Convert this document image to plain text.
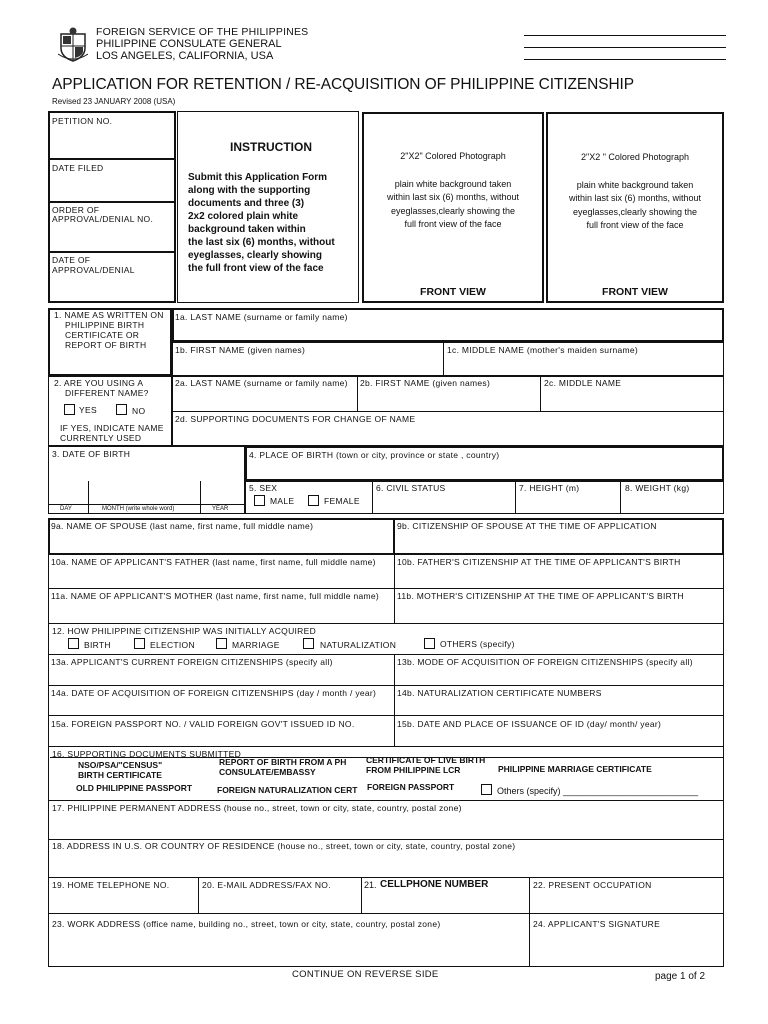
FOREIGN SERVICE OF THE PHILIPPINES
PHILIPPINE CONSULATE GENERAL
LOS ANGELES, CALIFORNIA, USA
APPLICATION FOR RETENTION / RE-ACQUISITION OF PHILIPPINE CITIZENSHIP
Revised 23 JANUARY 2008 (USA)
PETITION NO.
DATE FILED
ORDER OF
APPROVAL/DENIAL NO.
DATE OF
APPROVAL/DENIAL
INSTRUCTION
Submit this Application Form
along with the supporting
documents and three (3)
2x2 colored plain white
background taken within
the last six (6) months, without
eyeglasses, clearly showing
the full front view of the face
2"X2" Colored Photograph
plain white background taken
within last six (6) months, without
eyeglasses,clearly showing the
full front view of the face
FRONT VIEW
2"X2 " Colored Photograph
plain white background taken
within last six (6) months, without
eyeglasses,clearly showing the
full front view of the face
FRONT VIEW
1. NAME AS WRITTEN ON
PHILIPPINE BIRTH
CERTIFICATE OR
REPORT OF BIRTH
1a. LAST NAME (surname or family name)
1b. FIRST NAME (given names)	1c. MIDDLE NAME (mother's maiden surname)
2. ARE YOU USING A
DIFFERENT NAME?
YES	NO
IF YES, INDICATE NAME
CURRENTLY USED
2a. LAST NAME (surname or family name) 2b. FIRST NAME (given names)	2c. MIDDLE NAME
2d. SUPPORTING DOCUMENTS FOR CHANGE OF NAME
3. DATE OF BIRTH
DAY	MONTH (write whole word)	YEAR
4. PLACE OF BIRTH (town or city, province or state , country)
5. SEX
MALE	FEMALE
6. CIVIL STATUS	7. HEIGHT (m)	8. WEIGHT (kg)
9a. NAME OF SPOUSE (last name, first name, full middle name)	9b. CITIZENSHIP OF SPOUSE AT THE TIME OF APPLICATION
10a. NAME OF APPLICANT'S FATHER (last name, first name, full middle name)	10b. FATHER'S CITIZENSHIP AT THE TIME OF APPLICANT'S BIRTH
11a. NAME OF APPLICANT'S MOTHER (last name, first name, full middle name) 11b. MOTHER'S CITIZENSHIP AT THE TIME OF APPLICANT'S BIRTH
12. HOW PHILIPPINE CITIZENSHIP WAS INITIALLY ACQUIRED
BIRTH	ELECTION	MARRIAGE	NATURALIZATION	OTHERS (specify)
13a. APPLICANT'S CURRENT FOREIGN CITIZENSHIPS (specify all)	13b. MODE OF ACQUISITION OF FOREIGN CITIZENSHIPS (specify all)
14a. DATE OF ACQUISITION OF FOREIGN CITIZENSHIPS (day / month / year) 14b. NATURALIZATION CERTIFICATE NUMBERS
15a. FOREIGN PASSPORT NO. / VALID FOREIGN GOV'T ISSUED ID NO.	15b. DATE AND PLACE OF ISSUANCE OF ID (day/ month/ year)
16. SUPPORTING DOCUMENTS SUBMITTED
NSO/PSA/"CENSUS"
BIRTH CERTIFICATE
REPORT OF BIRTH FROM A PH
CONSULATE/EMBASSY
CERTIFICATE OF LIVE BIRTH
FROM PHILIPPINE LCR	PHILIPPINE MARRIAGE CERTIFICATE
OLD PHILIPPINE PASSPORT	FOREIGN NATURALIZATION CERT FOREIGN PASSPORT	Others (specify) ___________________________
17. PHILIPPINE PERMANENT ADDRESS (house no., street, town or city, state, country, postal zone)
18. ADDRESS IN U.S. OR COUNTRY OF RESIDENCE (house no., street, town or city, state, country, postal zone)
19. HOME TELEPHONE NO.	20. E-MAIL ADDRESS/FAX NO.	21. CELLPHONE NUMBER	22. PRESENT OCCUPATION
23. WORK ADDRESS (office name, building no., street, town or city, state, country, postal zone)	24. APPLICANT'S SIGNATURE
CONTINUE ON REVERSE SIDE	page 1 of 2
